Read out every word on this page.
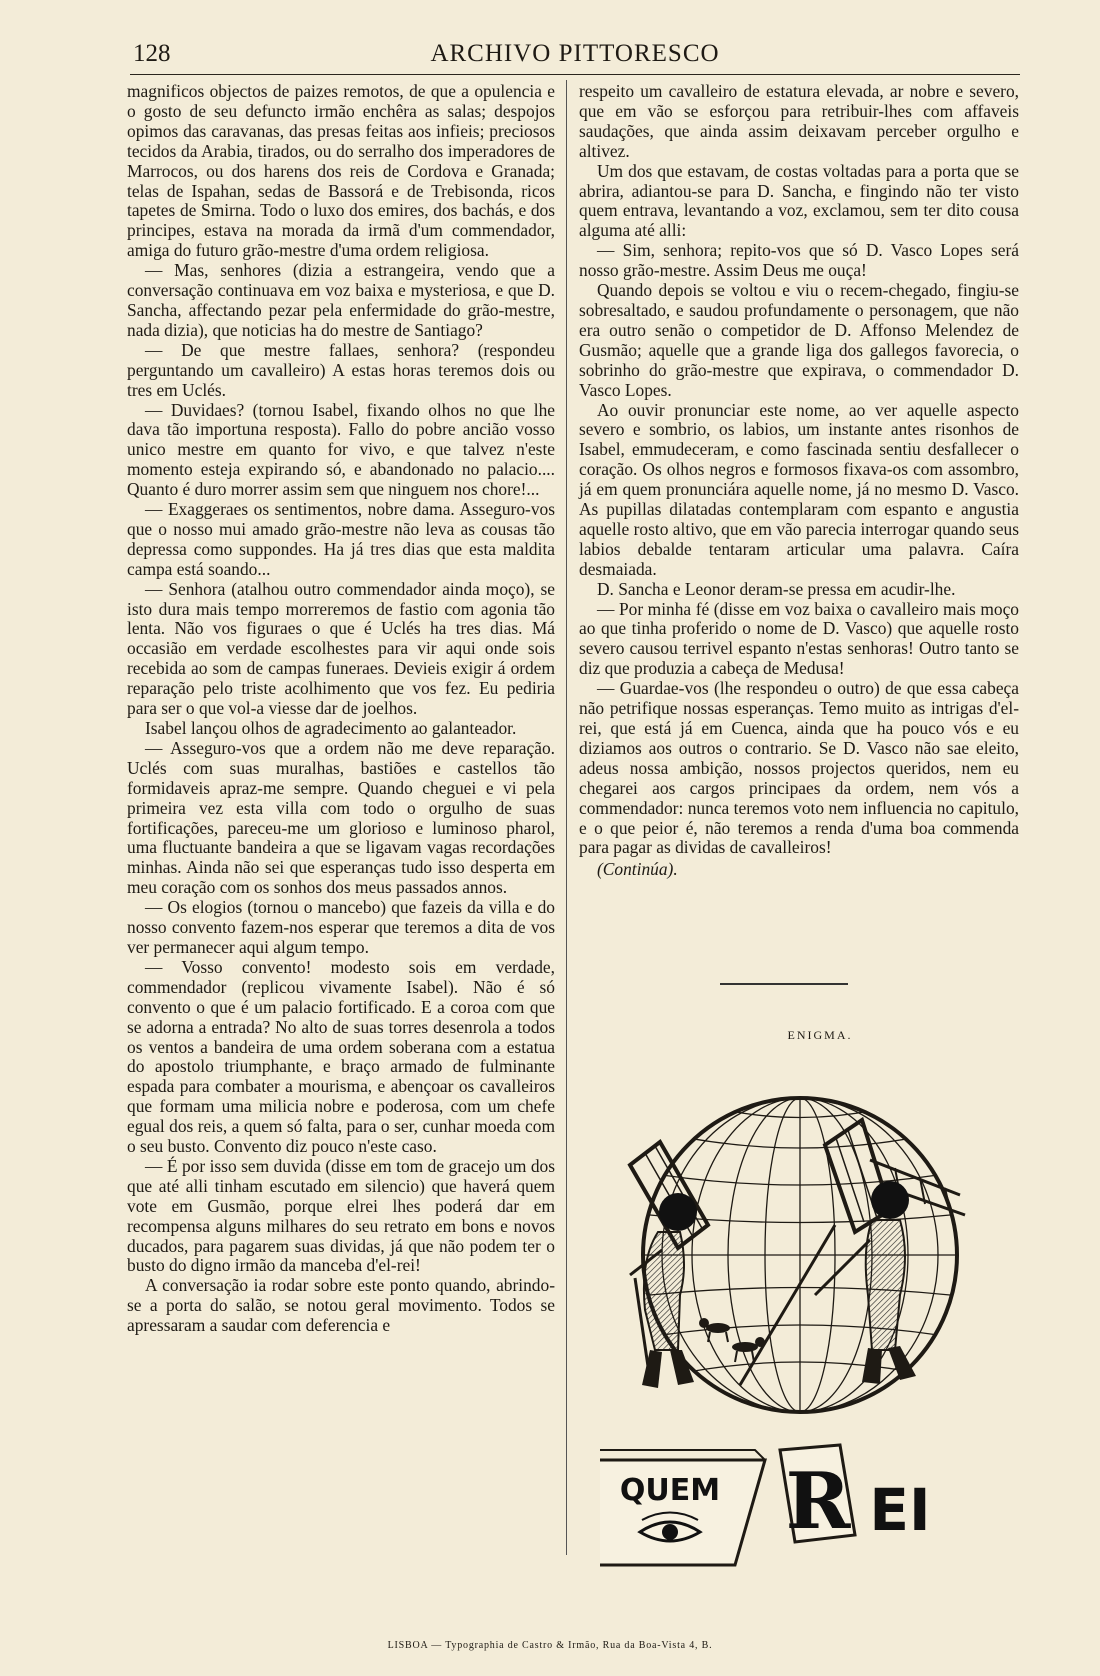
128	ARCHIVO PITTORESCO

magnificos objectos de paizes remotos, de que a opulencia e o gosto de seu defuncto irmão enchêra as salas; despojos opimos das caravanas, das presas feitas aos infieis; preciosos tecidos da Arabia, tirados, ou do serralho dos imperadores de Marrocos, ou dos harens dos reis de Cordova e Granada; telas de Ispahan, sedas de Bassorá e de Trebisonda, ricos tapetes de Smirna. Todo o luxo dos emires, dos bachás, e dos principes, estava na morada da irmã d'um commendador, amiga do futuro grão-mestre d'uma ordem religiosa.

— Mas, senhores (dizia a estrangeira, vendo que a conversação continuava em voz baixa e mysteriosa, e que D. Sancha, affectando pezar pela enfermidade do grão-mestre, nada dizia), que noticias ha do mestre de Santiago?

— De que mestre fallaes, senhora? (respondeu perguntando um cavalleiro) A estas horas teremos dois ou tres em Uclés.

— Duvidaes? (tornou Isabel, fixando olhos no que lhe dava tão importuna resposta). Fallo do pobre ancião vosso unico mestre em quanto for vivo, e que talvez n'este momento esteja expirando só, e abandonado no palacio.... Quanto é duro morrer assim sem que ninguem nos chore!...

— Exaggeraes os sentimentos, nobre dama. Asseguro-vos que o nosso mui amado grão-mestre não leva as cousas tão depressa como suppondes. Ha já tres dias que esta maldita campa está soando...

— Senhora (atalhou outro commendador ainda moço), se isto dura mais tempo morreremos de fastio com agonia tão lenta. Não vos figuraes o que é Uclés ha tres dias. Má occasião em verdade escolhestes para vir aqui onde sois recebida ao som de campas funeraes. Devieis exigir á ordem reparação pelo triste acolhimento que vos fez. Eu pediria para ser o que vol-a viesse dar de joelhos.

Isabel lançou olhos de agradecimento ao galanteador.

— Asseguro-vos que a ordem não me deve reparação. Uclés com suas muralhas, bastiões e castellos tão formidaveis apraz-me sempre. Quando cheguei e vi pela primeira vez esta villa com todo o orgulho de suas fortificações, pareceu-me um glorioso e luminoso pharol, uma fluctuante bandeira a que se ligavam vagas recordações minhas. Ainda não sei que esperanças tudo isso desperta em meu coração com os sonhos dos meus passados annos.

— Os elogios (tornou o mancebo) que fazeis da villa e do nosso convento fazem-nos esperar que teremos a dita de vos ver permanecer aqui algum tempo.

— Vosso convento! modesto sois em verdade, commendador (replicou vivamente Isabel). Não é só convento o que é um palacio fortificado. E a coroa com que se adorna a entrada? No alto de suas torres desenrola a todos os ventos a bandeira de uma ordem soberana com a estatua do apostolo triumphante, e braço armado de fulminante espada para combater a mourisma, e abençoar os cavalleiros que formam uma milicia nobre e poderosa, com um chefe egual dos reis, a quem só falta, para o ser, cunhar moeda com o seu busto. Convento diz pouco n'este caso.

— É por isso sem duvida (disse em tom de gracejo um dos que até alli tinham escutado em silencio) que haverá quem vote em Gusmão, porque elrei lhes poderá dar em recompensa alguns milhares do seu retrato em bons e novos ducados, para pagarem suas dividas, já que não podem ter o busto do digno irmão da manceba d'el-rei!

A conversação ia rodar sobre este ponto quando, abrindo-se a porta do salão, se notou geral movimento. Todos se apressaram a saudar com deferencia e

respeito um cavalleiro de estatura elevada, ar nobre e severo, que em vão se esforçou para retribuir-lhes com affaveis saudações, que ainda assim deixavam perceber orgulho e altivez.

Um dos que estavam, de costas voltadas para a porta que se abrira, adiantou-se para D. Sancha, e fingindo não ter visto quem entrava, levantando a voz, exclamou, sem ter dito cousa alguma até alli:

— Sim, senhora; repito-vos que só D. Vasco Lopes será nosso grão-mestre. Assim Deus me ouça!

Quando depois se voltou e viu o recem-chegado, fingiu-se sobresaltado, e saudou profundamente o personagem, que não era outro senão o competidor de D. Affonso Melendez de Gusmão; aquelle que a grande liga dos gallegos favorecia, o sobrinho do grão-mestre que expirava, o commendador D. Vasco Lopes.

Ao ouvir pronunciar este nome, ao ver aquelle aspecto severo e sombrio, os labios, um instante antes risonhos de Isabel, emmudeceram, e como fascinada sentiu desfallecer o coração. Os olhos negros e formosos fixava-os com assombro, já em quem pronunciára aquelle nome, já no mesmo D. Vasco. As pupillas dilatadas contemplaram com espanto e angustia aquelle rosto altivo, que em vão parecia interrogar quando seus labios debalde tentaram articular uma palavra. Caíra desmaiada.

D. Sancha e Leonor deram-se pressa em acudir-lhe.

— Por minha fé (disse em voz baixa o cavalleiro mais moço ao que tinha proferido o nome de D. Vasco) que aquelle rosto severo causou terrivel espanto n'estas senhoras! Outro tanto se diz que produzia a cabeça de Medusa!

— Guardae-vos (lhe respondeu o outro) de que essa cabeça não petrifique nossas esperanças. Temo muito as intrigas d'el-rei, que está já em Cuenca, ainda que ha pouco vós e eu diziamos aos outros o contrario. Se D. Vasco não sae eleito, adeus nossa ambição, nossos projectos queridos, nem eu chegarei aos cargos principaes da ordem, nem vós a commendador: nunca teremos voto nem influencia no capitulo, e o que peior é, não teremos a renda d'uma boa commenda para pagar as dividas de cavalleiros!

(Continúa).

ENIGMA.
QUEM R EI
LISBOA — Typographia de Castro & Irmão, Rua da Boa-Vista 4, B.
